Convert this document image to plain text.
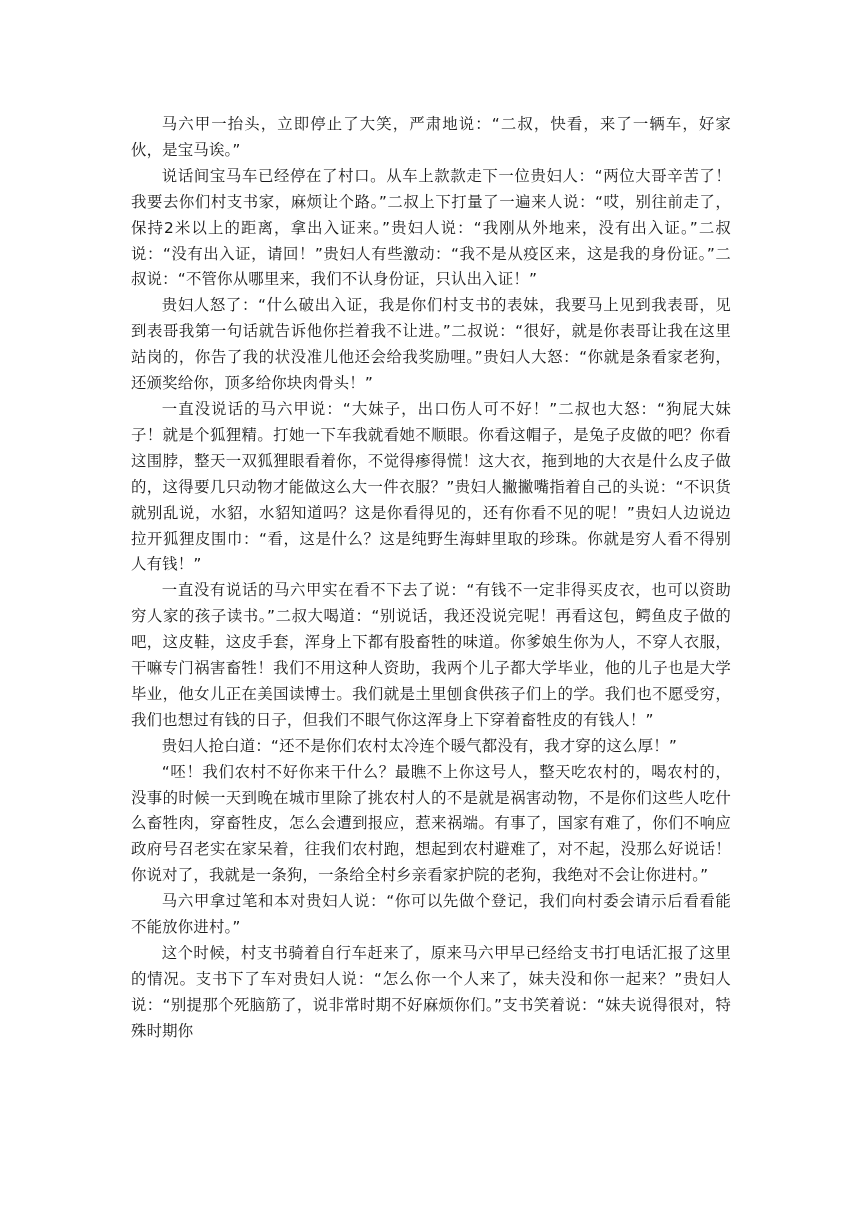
马六甲一抬头，立即停止了大笑，严肃地说：“二叔，快看，来了一辆车，好家伙，是宝马诶。”

说话间宝马车已经停在了村口。从车上款款走下一位贵妇人：“两位大哥辛苦了！我要去你们村支书家，麻烦让个路。”二叔上下打量了一遍来人说：“哎，别往前走了，保持2米以上的距离，拿出入证来。”贵妇人说：“我刚从外地来，没有出入证。”二叔说：“没有出入证，请回！”贵妇人有些激动：“我不是从疫区来，这是我的身份证。”二叔说：“不管你从哪里来，我们不认身份证，只认出入证！”

贵妇人怒了：“什么破出入证，我是你们村支书的表妹，我要马上见到我表哥，见到表哥我第一句话就告诉他你拦着我不让进。”二叔说：“很好，就是你表哥让我在这里站岗的，你告了我的状没准儿他还会给我奖励哩。”贵妇人大怒：“你就是条看家老狗，还颁奖给你，顶多给你块肉骨头！”

一直没说话的马六甲说：“大妹子，出口伤人可不好！”二叔也大怒：“狗屁大妹子！就是个狐狸精。打她一下车我就看她不顺眼。你看这帽子，是兔子皮做的吧？你看这围脖，整天一双狐狸眼看着你，不觉得瘆得慌！这大衣，拖到地的大衣是什么皮子做的，这得要几只动物才能做这么大一件衣服？”贵妇人撇撇嘴指着自己的头说：“不识货就别乱说，水貂，水貂知道吗？这是你看得见的，还有你看不见的呢！”贵妇人边说边拉开狐狸皮围巾：“看，这是什么？这是纯野生海蚌里取的珍珠。你就是穷人看不得别人有钱！”

一直没有说话的马六甲实在看不下去了说：“有钱不一定非得买皮衣，也可以资助穷人家的孩子读书。”二叔大喝道：“别说话，我还没说完呢！再看这包，鳄鱼皮子做的吧，这皮鞋，这皮手套，浑身上下都有股畜牲的味道。你爹娘生你为人，不穿人衣服，干嘛专门祸害畜牲！我们不用这种人资助，我两个儿子都大学毕业，他的儿子也是大学毕业，他女儿正在美国读博士。我们就是土里刨食供孩子们上的学。我们也不愿受穷，我们也想过有钱的日子，但我们不眼气你这浑身上下穿着畜牲皮的有钱人！”

贵妇人抢白道：“还不是你们农村太冷连个暖气都没有，我才穿的这么厚！”

“呸！我们农村不好你来干什么？最瞧不上你这号人，整天吃农村的，喝农村的，没事的时候一天到晚在城市里除了挑农村人的不是就是祸害动物，不是你们这些人吃什么畜牲肉，穿畜牲皮，怎么会遭到报应，惹来祸端。有事了，国家有难了，你们不响应政府号召老实在家呆着，往我们农村跑，想起到农村避难了，对不起，没那么好说话！你说对了，我就是一条狗，一条给全村乡亲看家护院的老狗，我绝对不会让你进村。”

马六甲拿过笔和本对贵妇人说：“你可以先做个登记，我们向村委会请示后看看能不能放你进村。”

这个时候，村支书骑着自行车赶来了，原来马六甲早已经给支书打电话汇报了这里的情况。支书下了车对贵妇人说：“怎么你一个人来了，妹夫没和你一起来？”贵妇人说：“别提那个死脑筋了，说非常时期不好麻烦你们。”支书笑着说：“妹夫说得很对，特殊时期你
